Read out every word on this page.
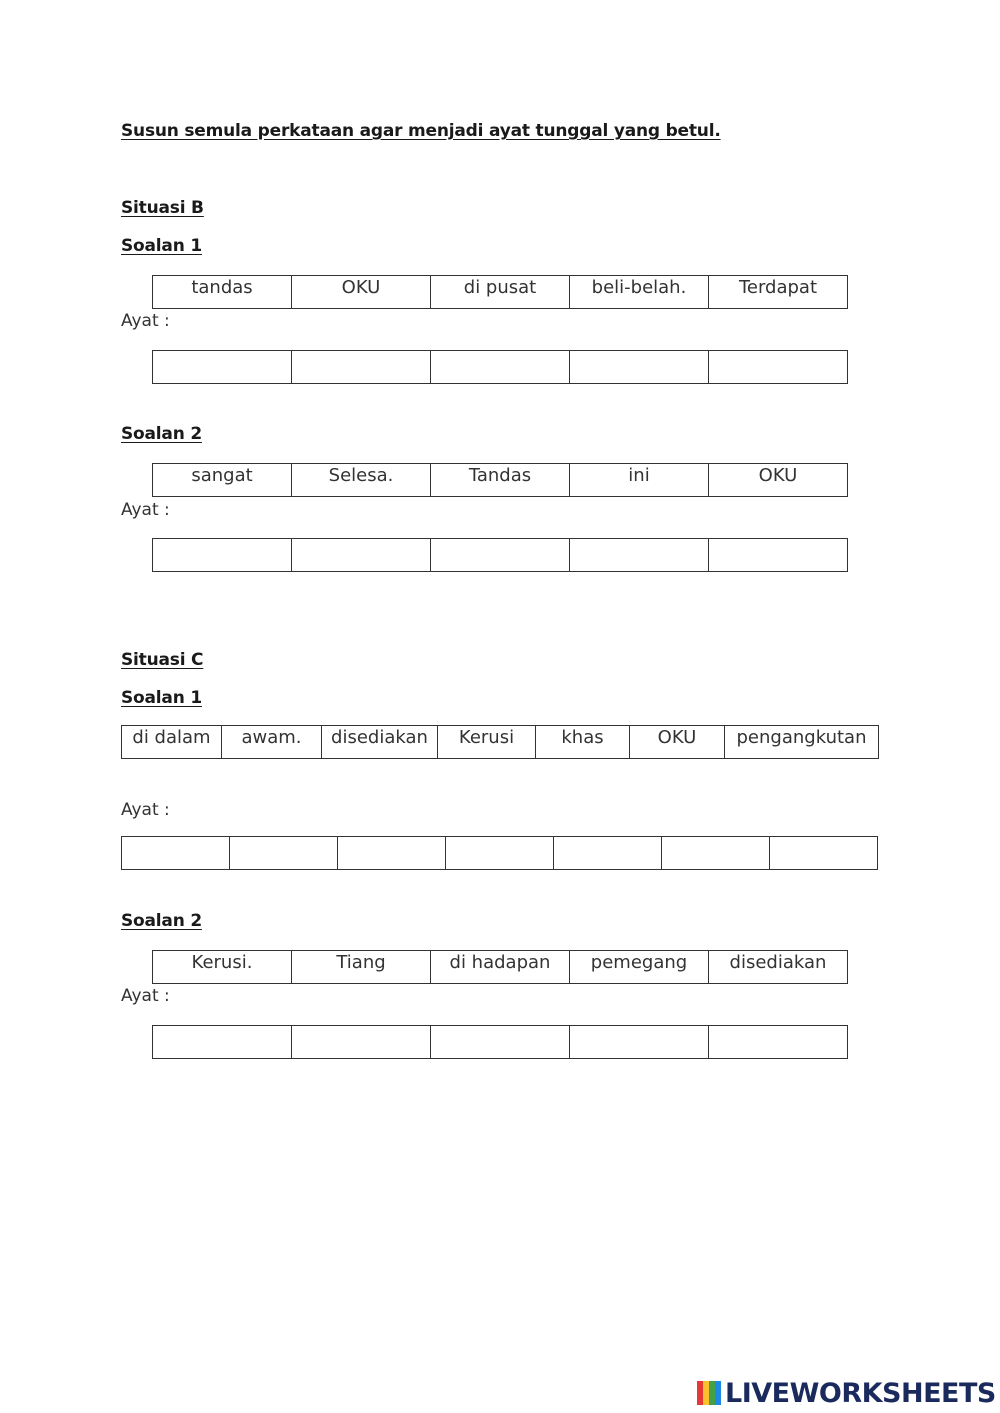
Susun semula perkataan agar menjadi ayat tunggal yang betul.
Situasi B
Soalan 1
tandas	OKU	di pusat	beli-belah.	Terdapat
Ayat :

Soalan 2
sangat	Selesa.	Tandas	ini	OKU
Ayat :

Situasi C
Soalan 1
di dalam	awam.	disediakan	Kerusi	khas	OKU	pengangkutan
Ayat :

Soalan 2
Kerusi.	Tiang	di hadapan	pemegang	disediakan
Ayat :

LIVEWORKSHEETS
